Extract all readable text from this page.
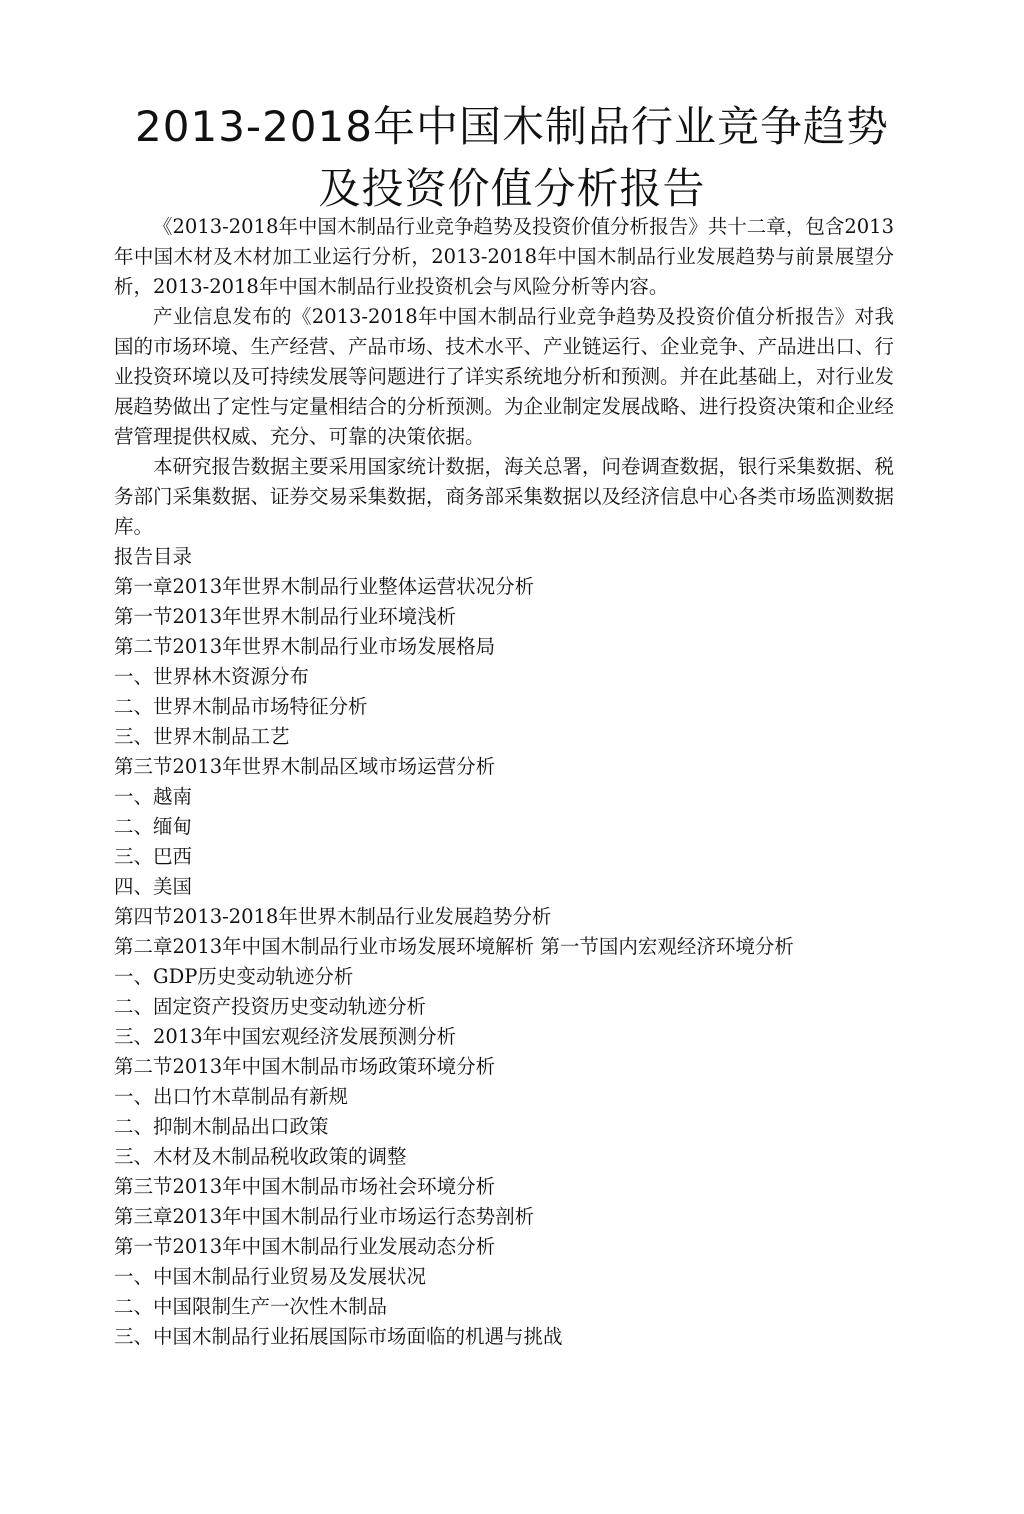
2013-2018年中国木制品行业竞争趋势
及投资价值分析报告

《2013-2018年中国木制品行业竞争趋势及投资价值分析报告》共十二章，包含2013年中国木材及木材加工业运行分析，2013-2018年中国木制品行业发展趋势与前景展望分析，2013-2018年中国木制品行业投资机会与风险分析等内容。

产业信息发布的《2013-2018年中国木制品行业竞争趋势及投资价值分析报告》对我国的市场环境、生产经营、产品市场、技术水平、产业链运行、企业竞争、产品进出口、行业投资环境以及可持续发展等问题进行了详实系统地分析和预测。并在此基础上，对行业发展趋势做出了定性与定量相结合的分析预测。为企业制定发展战略、进行投资决策和企业经营管理提供权威、充分、可靠的决策依据。

本研究报告数据主要采用国家统计数据，海关总署，问卷调查数据，银行采集数据、税务部门采集数据、证券交易采集数据，商务部采集数据以及经济信息中心各类市场监测数据库。

报告目录

第一章2013年世界木制品行业整体运营状况分析
第一节2013年世界木制品行业环境浅析
第二节2013年世界木制品行业市场发展格局
一、世界林木资源分布
二、世界木制品市场特征分析
三、世界木制品工艺
第三节2013年世界木制品区域市场运营分析
一、越南
二、缅甸
三、巴西
四、美国
第四节2013-2018年世界木制品行业发展趋势分析
第二章2013年中国木制品行业市场发展环境解析 第一节国内宏观经济环境分析
一、GDP历史变动轨迹分析
二、固定资产投资历史变动轨迹分析
三、2013年中国宏观经济发展预测分析
第二节2013年中国木制品市场政策环境分析
一、出口竹木草制品有新规
二、抑制木制品出口政策
三、木材及木制品税收政策的调整
第三节2013年中国木制品市场社会环境分析
第三章2013年中国木制品行业市场运行态势剖析
第一节2013年中国木制品行业发展动态分析
一、中国木制品行业贸易及发展状况
二、中国限制生产一次性木制品
三、中国木制品行业拓展国际市场面临的机遇与挑战
